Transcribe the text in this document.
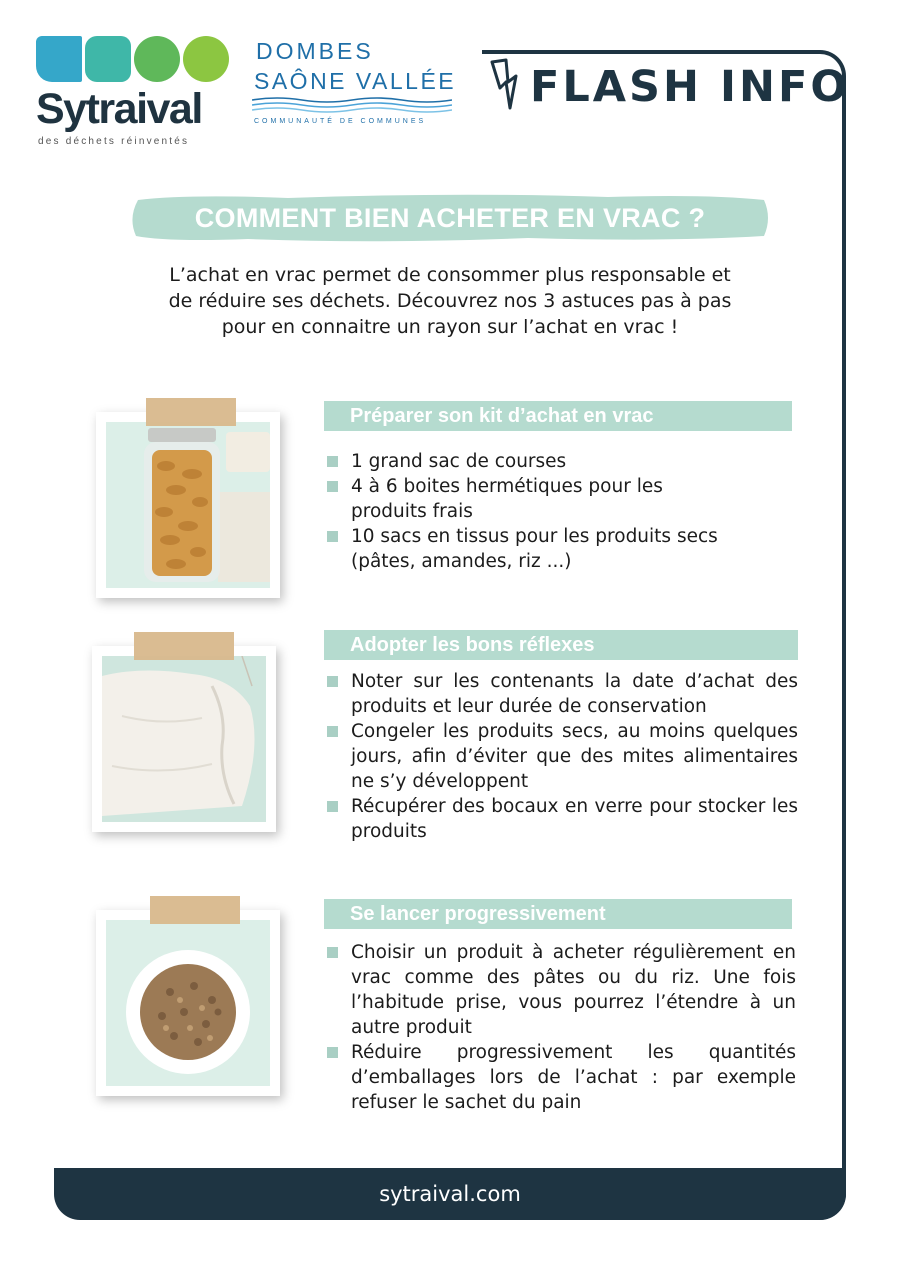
Sytraival
des déchets réinventés
DOMBES
SAÔNE VALLÉE
COMMUNAUTÉ DE COMMUNES
FLASH INFO
COMMENT BIEN ACHETER EN VRAC ?
L’achat en vrac permet de consommer plus responsable et
de réduire ses déchets. Découvrez nos 3 astuces pas à pas
pour en connaitre un rayon sur l’achat en vrac !
Préparer son kit d’achat en vrac
1 grand sac de courses
4 à 6 boites hermétiques pour les produits frais
10 sacs en tissus pour les produits secs (pâtes, amandes, riz ...)
Adopter les bons réflexes
Noter sur les contenants la date d’achat des produits et leur durée de conservation
Congeler les produits secs, au moins quelques jours, afin d’éviter que des mites alimentaires ne s’y développent
Récupérer des bocaux en verre pour stocker les produits
Se lancer progressivement
Choisir un produit à acheter régulièrement en vrac comme des pâtes ou du riz. Une fois l’habitude prise, vous pourrez l’étendre à un autre produit
Réduire progressivement les quantités d’emballages lors de l’achat : par exemple refuser le sachet du pain
sytraival.com
